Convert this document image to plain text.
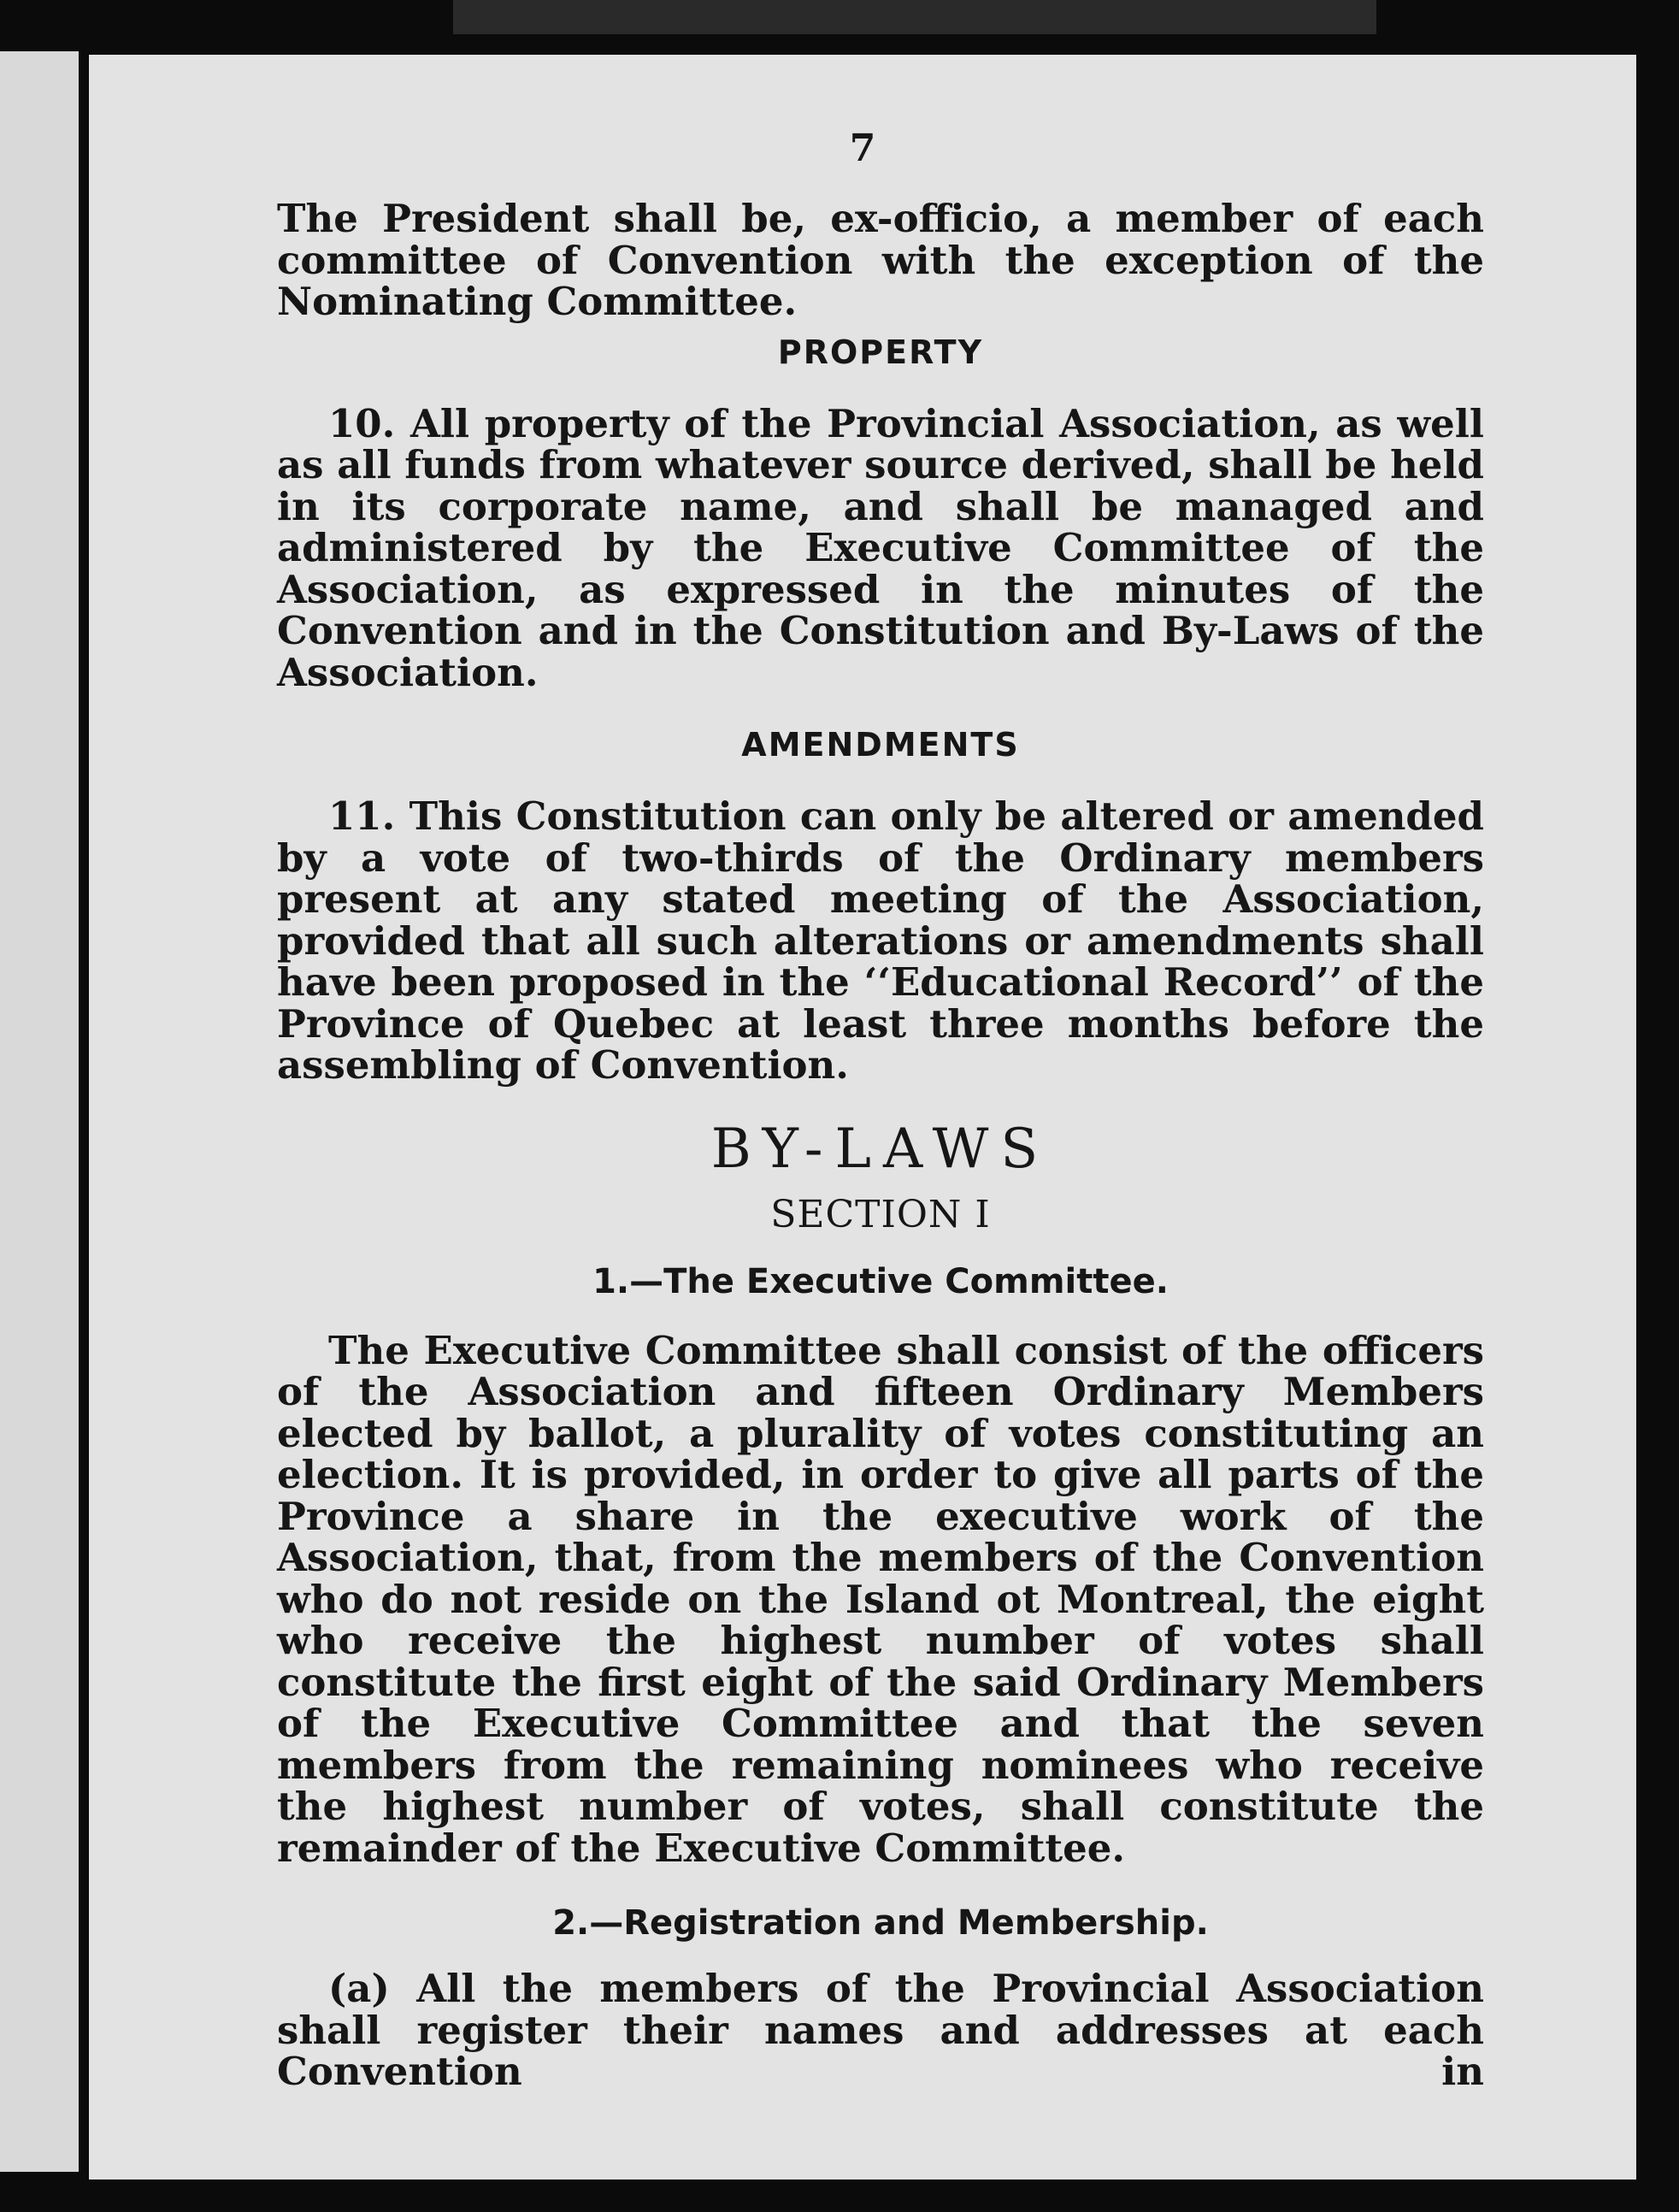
7

The President shall be, ex-officio, a member of each committee of Convention with the exception of the Nominating Committee.

PROPERTY

10. All property of the Provincial Association, as well as all funds from whatever source derived, shall be held in its corporate name, and shall be managed and administered by the Executive Committee of the Association, as expressed in the minutes of the Convention and in the Constitution and By-Laws of the Association.

AMENDMENTS

11. This Constitution can only be altered or amended by a vote of two-thirds of the Ordinary members present at any stated meeting of the Association, provided that all such alterations or amendments shall have been proposed in the ‘‘Educational Record’’ of the Province of Quebec at least three months before the assembling of Convention.

BY-LAWS
SECTION I
1.—The Executive Committee.

The Executive Committee shall consist of the officers of the Association and fifteen Ordinary Members elected by ballot, a plurality of votes constituting an election. It is provided, in order to give all parts of the Province a share in the executive work of the Association, that, from the members of the Convention who do not reside on the Island ot Montreal, the eight who receive the highest number of votes shall constitute the first eight of the said Ordinary Members of the Executive Committee and that the seven members from the remaining nominees who receive the highest number of votes, shall constitute the remainder of the Executive Committee.

2.—Registration and Membership.

(a) All the members of the Provincial Association shall register their names and addresses at each Convention in
